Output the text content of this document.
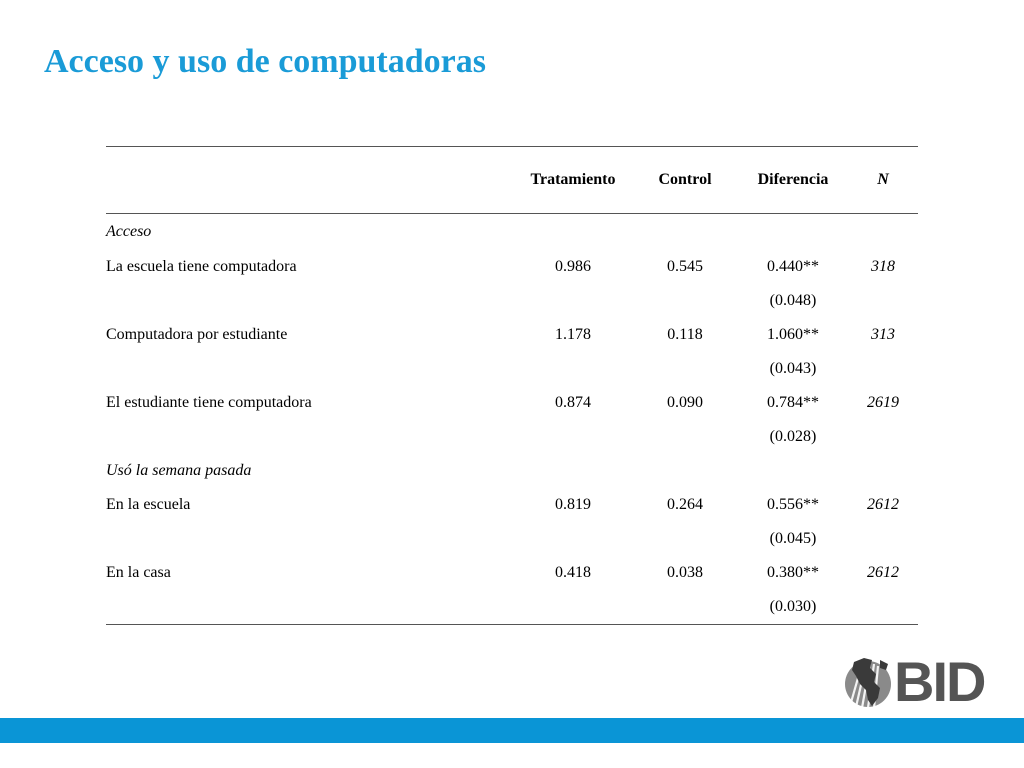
Acceso y uso de computadoras
	Tratamiento	Control	Diferencia	N
Acceso				
La escuela tiene computadora	0.986	0.545	0.440**	318
			(0.048)	
Computadora por estudiante	1.178	0.118	1.060**	313
			(0.043)	
El estudiante tiene computadora	0.874	0.090	0.784**	2619
			(0.028)	
Usó la semana pasada				
En la escuela	0.819	0.264	0.556**	2612
			(0.045)	
En la casa	0.418	0.038	0.380**	2612
			(0.030)	
BID
